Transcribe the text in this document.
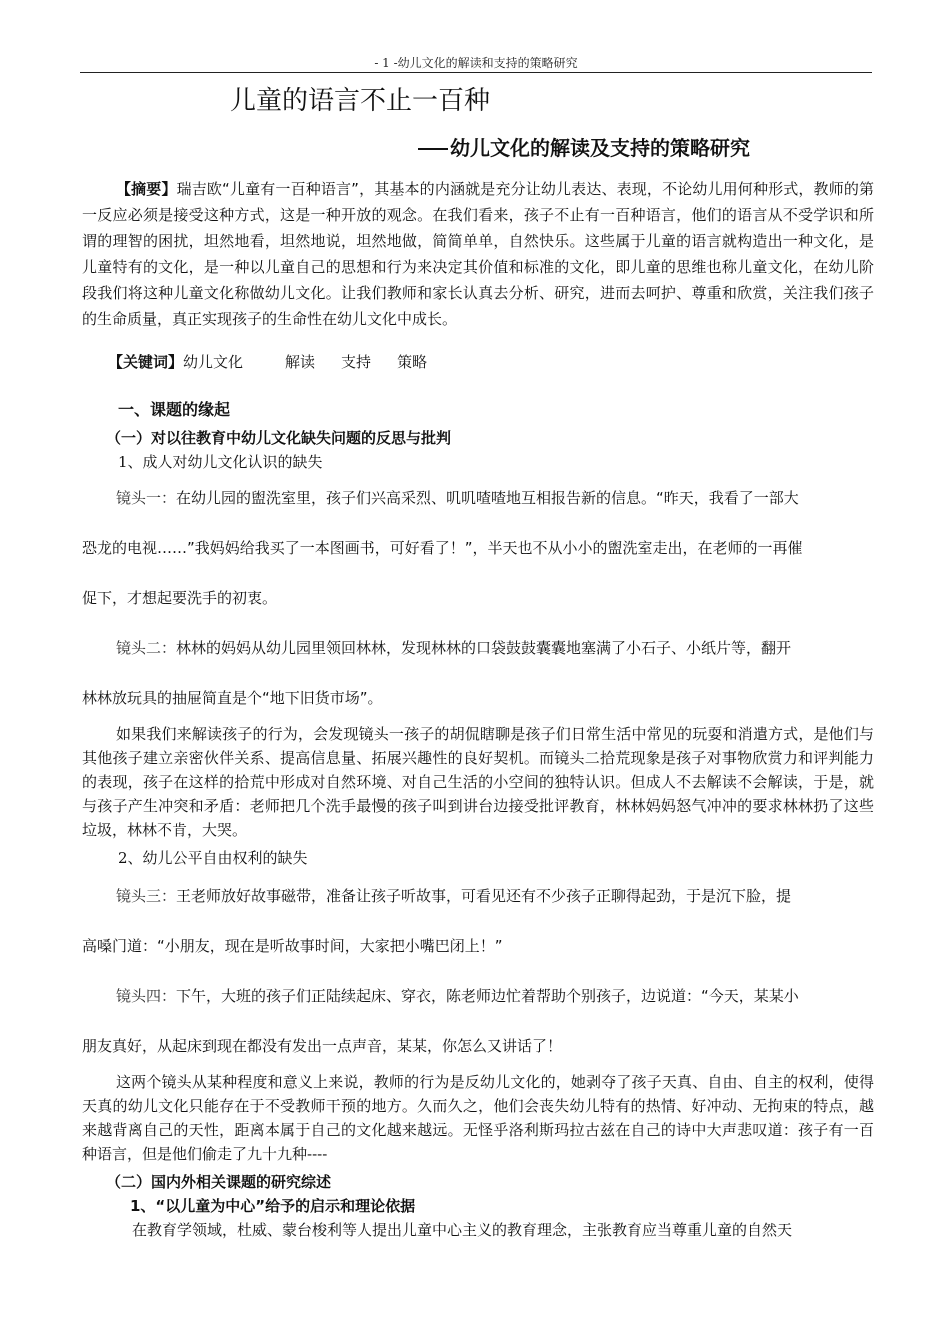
- 1 -幼儿文化的解读和支持的策略研究
儿童的语言不止一百种
幼儿文化的解读及支持的策略研究

【摘要】瑞吉欧“儿童有一百种语言”，其基本的内涵就是充分让幼儿表达、表现，不论幼儿用何种形式，教师的第一反应必须是接受这种方式，这是一种开放的观念。在我们看来，孩子不止有一百种语言，他们的语言从不受学识和所谓的理智的困扰，坦然地看，坦然地说，坦然地做，简简单单，自然快乐。这些属于儿童的语言就构造出一种文化，是儿童特有的文化，是一种以儿童自己的思想和行为来决定其价值和标准的文化，即儿童的思维也称儿童文化，在幼儿阶段我们将这种儿童文化称做幼儿文化。让我们教师和家长认真去分析、研究，进而去呵护、尊重和欣赏，关注我们孩子的生命质量，真正实现孩子的生命性在幼儿文化中成长。

【关键词】幼儿文化	解读 支持 策略

一、课题的缘起

（一）对以往教育中幼儿文化缺失问题的反思与批判

1、成人对幼儿文化认识的缺失

镜头一：在幼儿园的盥洗室里，孩子们兴高采烈、叽叽喳喳地互相报告新的信息。“昨天，我看了一部大

恐龙的电视……”我妈妈给我买了一本图画书，可好看了！”，半天也不从小小的盥洗室走出，在老师的一再催

促下，才想起要洗手的初衷。

镜头二：林林的妈妈从幼儿园里领回林林，发现林林的口袋鼓鼓囊囊地塞满了小石子、小纸片等，翻开

林林放玩具的抽屉简直是个“地下旧货市场”。

如果我们来解读孩子的行为，会发现镜头一孩子的胡侃瞎聊是孩子们日常生活中常见的玩耍和消遣方式，是他们与其他孩子建立亲密伙伴关系、提高信息量、拓展兴趣性的良好契机。而镜头二拾荒现象是孩子对事物欣赏力和评判能力的表现，孩子在这样的拾荒中形成对自然环境、对自己生活的小空间的独特认识。但成人不去解读不会解读，于是，就与孩子产生冲突和矛盾：老师把几个洗手最慢的孩子叫到讲台边接受批评教育，林林妈妈怒气冲冲的要求林林扔了这些垃圾，林林不肯，大哭。

2、幼儿公平自由权利的缺失

镜头三：王老师放好故事磁带，准备让孩子听故事，可看见还有不少孩子正聊得起劲，于是沉下脸，提

高嗓门道：“小朋友，现在是听故事时间，大家把小嘴巴闭上！”

镜头四：下午，大班的孩子们正陆续起床、穿衣，陈老师边忙着帮助个别孩子，边说道：“今天，某某小

朋友真好，从起床到现在都没有发出一点声音，某某，你怎么又讲话了！

这两个镜头从某种程度和意义上来说，教师的行为是反幼儿文化的，她剥夺了孩子天真、自由、自主的权利，使得天真的幼儿文化只能存在于不受教师干预的地方。久而久之，他们会丧失幼儿特有的热情、好冲动、无拘束的特点，越来越背离自己的天性，距离本属于自己的文化越来越远。无怪乎洛利斯玛拉古兹在自己的诗中大声悲叹道：孩子有一百种语言，但是他们偷走了九十九种----

（二）国内外相关课题的研究综述

1、“以儿童为中心”给予的启示和理论依据

在教育学领域，杜威、蒙台梭利等人提出儿童中心主义的教育理念，主张教育应当尊重儿童的自然天
